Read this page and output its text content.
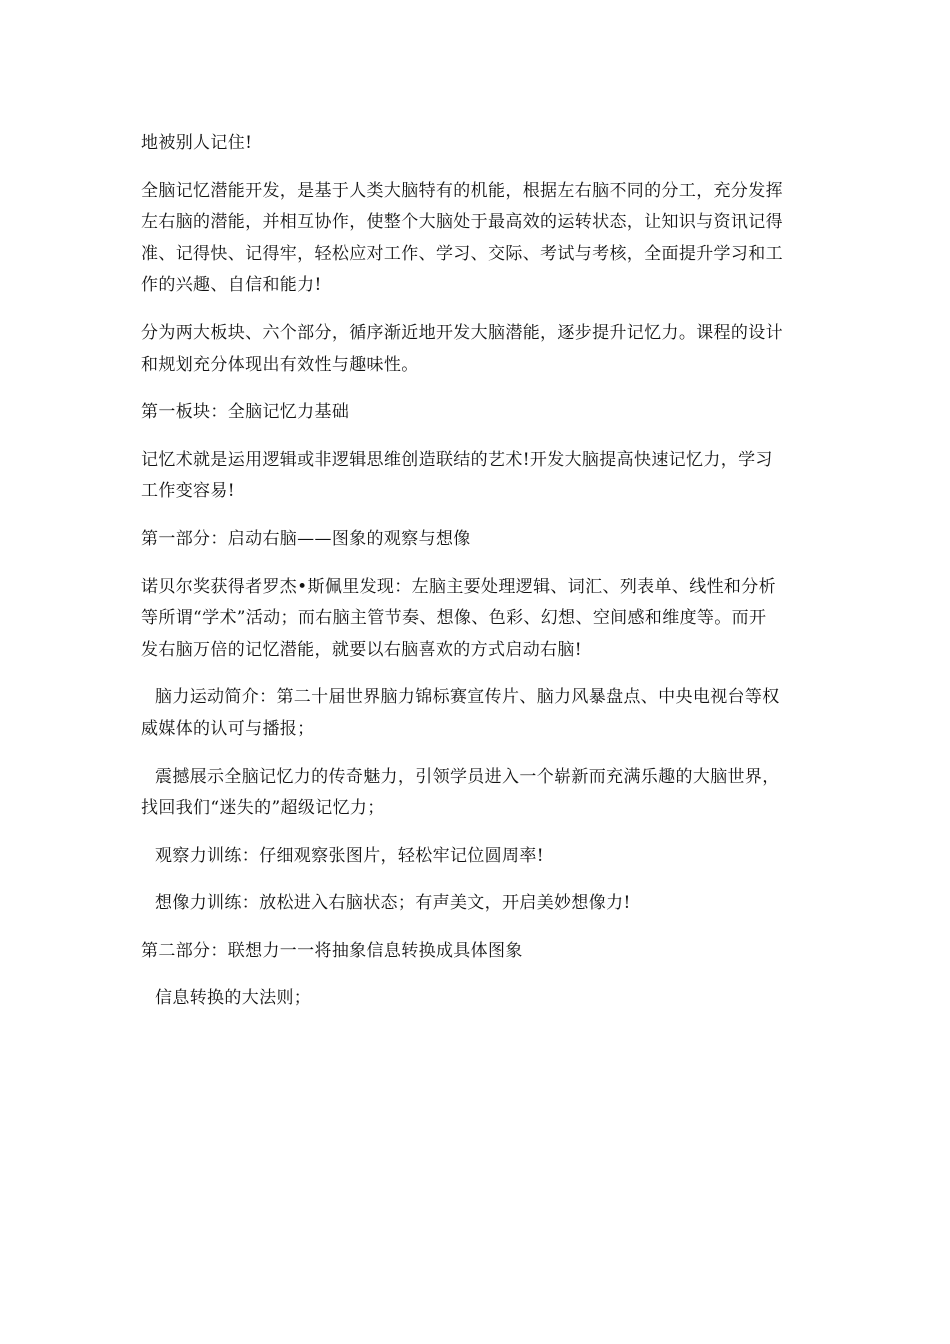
地被别人记住!

全脑记忆潜能开发，是基于人类大脑特有的机能，根据左右脑不同的分工，充分发挥
左右脑的潜能，并相互协作，使整个大脑处于最高效的运转状态，让知识与资讯记得
准、记得快、记得牢，轻松应对工作、学习、交际、考试与考核，全面提升学习和工
作的兴趣、自信和能力!

分为两大板块、六个部分，循序渐近地开发大脑潜能，逐步提升记忆力。课程的设计
和规划充分体现出有效性与趣味性。

第一板块：全脑记忆力基础

记忆术就是运用逻辑或非逻辑思维创造联结的艺术!开发大脑提高快速记忆力，学习
工作变容易!

第一部分：启动右脑——图象的观察与想像

诺贝尔奖获得者罗杰•斯佩里发现：左脑主要处理逻辑、词汇、列表单、线性和分析
等所谓“学术”活动；而右脑主管节奏、想像、色彩、幻想、空间感和维度等。而开
发右脑万倍的记忆潜能，就要以右脑喜欢的方式启动右脑!

脑力运动简介：第二十届世界脑力锦标赛宣传片、脑力风暴盘点、中央电视台等权
威媒体的认可与播报；

震撼展示全脑记忆力的传奇魅力，引领学员进入一个崭新而充满乐趣的大脑世界，
找回我们“迷失的”超级记忆力；

观察力训练：仔细观察张图片，轻松牢记位圆周率!

想像力训练：放松进入右脑状态；有声美文，开启美妙想像力!

第二部分：联想力一一将抽象信息转换成具体图象

信息转换的大法则；
